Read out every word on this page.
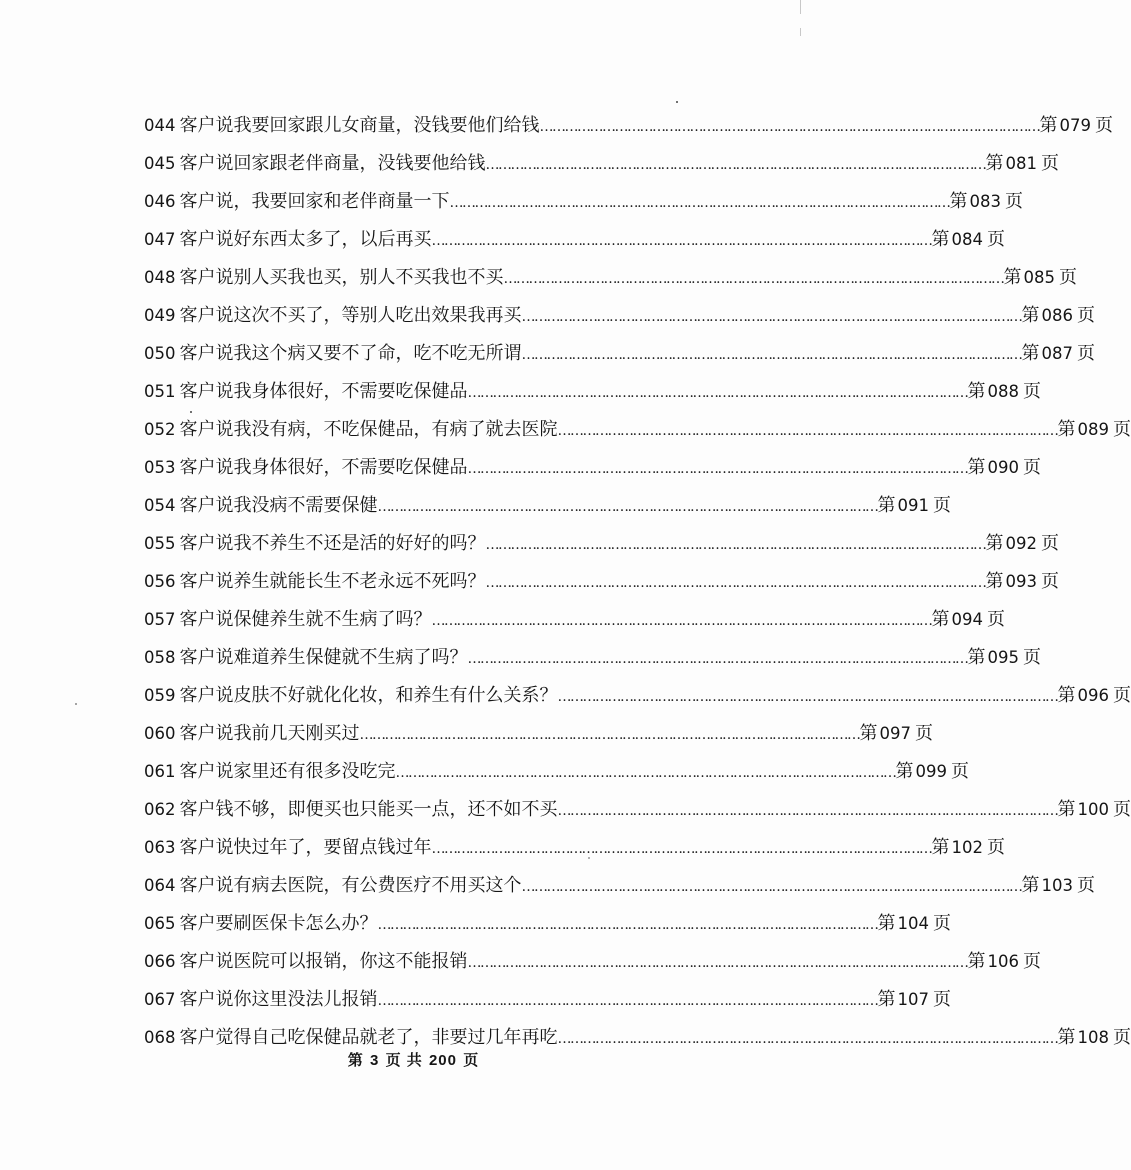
044 客户说我要回家跟儿女商量，没钱要他们给钱 ………………………………………………………………………………………………………… 第 079 页
045 客户说回家跟老伴商量，没钱要他给钱 ………………………………………………………………………………………………………… 第 081 页
046 客户说，我要回家和老伴商量一下 ………………………………………………………………………………………………………… 第 083 页
047 客户说好东西太多了，以后再买 ………………………………………………………………………………………………………… 第 084 页
048 客户说别人买我也买，别人不买我也不买 ………………………………………………………………………………………………………… 第 085 页
049 客户说这次不买了，等别人吃出效果我再买 ………………………………………………………………………………………………………… 第 086 页
050 客户说我这个病又要不了命，吃不吃无所谓 ………………………………………………………………………………………………………… 第 087 页
051 客户说我身体很好，不需要吃保健品 ………………………………………………………………………………………………………… 第 088 页
052 客户说我没有病，不吃保健品，有病了就去医院 ………………………………………………………………………………………………………… 第 089 页
053 客户说我身体很好，不需要吃保健品 ………………………………………………………………………………………………………… 第 090 页
054 客户说我没病不需要保健 ………………………………………………………………………………………………………… 第 091 页
055 客户说我不养生不还是活的好好的吗？ ………………………………………………………………………………………………………… 第 092 页
056 客户说养生就能长生不老永远不死吗？ ………………………………………………………………………………………………………… 第 093 页
057 客户说保健养生就不生病了吗？ ………………………………………………………………………………………………………… 第 094 页
058 客户说难道养生保健就不生病了吗？ ………………………………………………………………………………………………………… 第 095 页
059 客户说皮肤不好就化化妆，和养生有什么关系？ ………………………………………………………………………………………………………… 第 096 页
060 客户说我前几天刚买过 ………………………………………………………………………………………………………… 第 097 页
061 客户说家里还有很多没吃完 ………………………………………………………………………………………………………… 第 099 页
062 客户钱不够，即便买也只能买一点，还不如不买 ………………………………………………………………………………………………………… 第 100 页
063 客户说快过年了，要留点钱过年 ………………………………………………………………………………………………………… 第 102 页
064 客户说有病去医院，有公费医疗不用买这个 ………………………………………………………………………………………………………… 第 103 页
065 客户要刷医保卡怎么办？ ………………………………………………………………………………………………………… 第 104 页
066 客户说医院可以报销，你这不能报销 ………………………………………………………………………………………………………… 第 106 页
067 客户说你这里没法儿报销 ………………………………………………………………………………………………………… 第 107 页
068 客户觉得自己吃保健品就老了，非要过几年再吃 ………………………………………………………………………………………………………… 第 108 页
第 3 页 共 200 页
